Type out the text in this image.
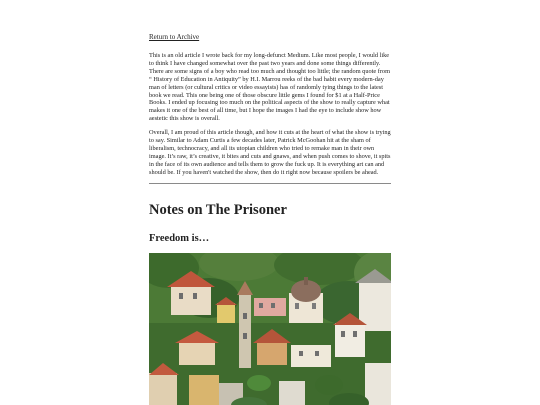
Return to Archive

This is an old article I wrote back for my long-defunct Medium. Like most people, I would like to think I have changed somewhat over the past two years and done some things differently. There are some signs of a boy who read too much and thought too little; the random quote from “ History of Education in Antiquity” by H.I. Marrou reeks of the bad habit every modern-day man of letters (or cultural critics or video essayists) has of randomly tying things to the latest book we read. This one being one of those obscure little gems I found for $1 at a Half-Price Books. I ended up focusing too much on the political aspects of the show to really capture what makes it one of the best of all time, but I hope the images I had the eye to include show how aestetic this show is overall.

Overall, I am proud of this article though, and how it cuts at the heart of what the show is trying to say. Similar to Adam Curtis a few decades later, Patrick McGoohan hit at the sham of liberalism, technocracy, and all its utopian children who tried to remake man in their own image. It’s raw, it’s creative, it bites and cuts and gnaws, and when push comes to shove, it spits in the face of its own audience and tells them to grow the fuck up. It is everything art can and should be. If you haven't watched the show, then do it right now because spoilers be ahead.

Notes on The Prisoner
Freedom is…
